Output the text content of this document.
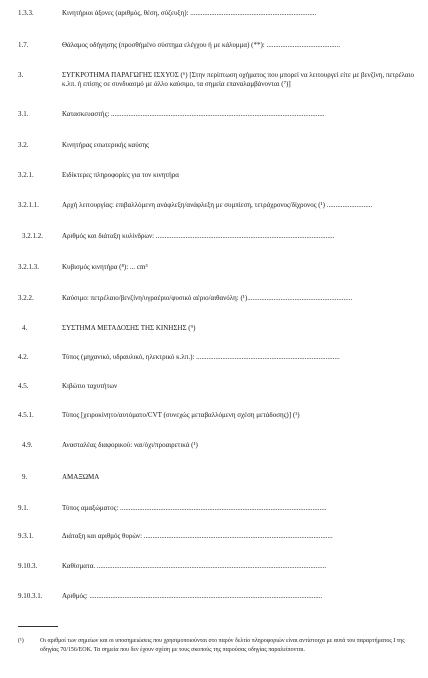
1.3.3.	Κινητήριοι άξονες (αριθμός, θέση, σύζευξη): ........................................................................
1.7.	Θάλαμος οδήγησης (προσθήμένο σύστημα ελέγχου ή με κάλυμμα) (**): ..........................................
3.	ΣΥΓΚΡΟΤΗΜΑ ΠΑΡΑΓΩΓΗΣ ΙΣΧΥΟΣ (⁶) [Στην περίπτωση οχήματος που μπορεί να λειτουργεί είτε με βενζίνη, πετρέλαιο κ.λπ. ή επίσης σε συνδυασμό με άλλο καύσιμο, τα σημεία επαναλαμβάνονται (⁷)]
3.1.	Κατασκευαστής: ..........................................................................................................................
3.2.	Κινητήρας εσωτερικής καύσης
3.2.1.	Ειδίκτερες πληροφορίες για τον κινητήρα
3.2.1.1.	Αρχή λειτουργίας: επιβαλλόμενη ανάφλεξη/ανάφλεξη με συμπίεση, τετράχρονος/δίχρονος (¹) ..........................
3.2.1.2.	Αριθμός και διάταξη κυλίνδρων: ......................................................................................................
3.2.1.3.	Κυβισμός κινητήρα (⁸): ... cm³
3.2.2.	Καύσιμο: πετρέλαιο/βενζίνη/υγραέριο/φυσικό αέριο/αιθανόλη: (¹)............................................................
4.	ΣΥΣΤΗΜΑ ΜΕΤΑΔΟΣΗΣ ΤΗΣ ΚΙΝΗΣΗΣ (⁹)
4.2.	Τύπος (μηχανικό, υδραυλικό, ηλεκτρικό κ.λπ.): ..................................................................................
4.5.	Κιβώτιο ταχυτήτων
4.5.1.	Τύπος [χειροκίνητο/αυτόματο/CVT (συνεχώς μεταβαλλόμενη σχέση μετάδοσης)] (¹)
4.9.	Ανασταλέας διαφορικού: ναι/όχι/προαιρετικά (¹)
9.	ΑΜΑΞΩΜΑ
9.1.	Τύπος αμαξώματος: ......................................................................................................................
9.3.1.	Διάταξη και αριθμός θυρών: ............................................................................................................
9.10.3.	Καθίσματα. ...................................................................................................................................
9.10.3.1.	Αριθμός: .....................................................................................................................................
(¹)	Οι αριθμοί των σημείων και οι υποσημειώσεις που χρησιμοποιούνται στο παρόν δελτίο πληροφοριών είναι αντίστοιχα με αυτά του παραρτήματος I της οδηγίας 70/156/ΕΟΚ. Τα σημεία που δεν έχουν σχέση με τους σκοπούς της παρούσας οδηγίας παραλείπονται.
